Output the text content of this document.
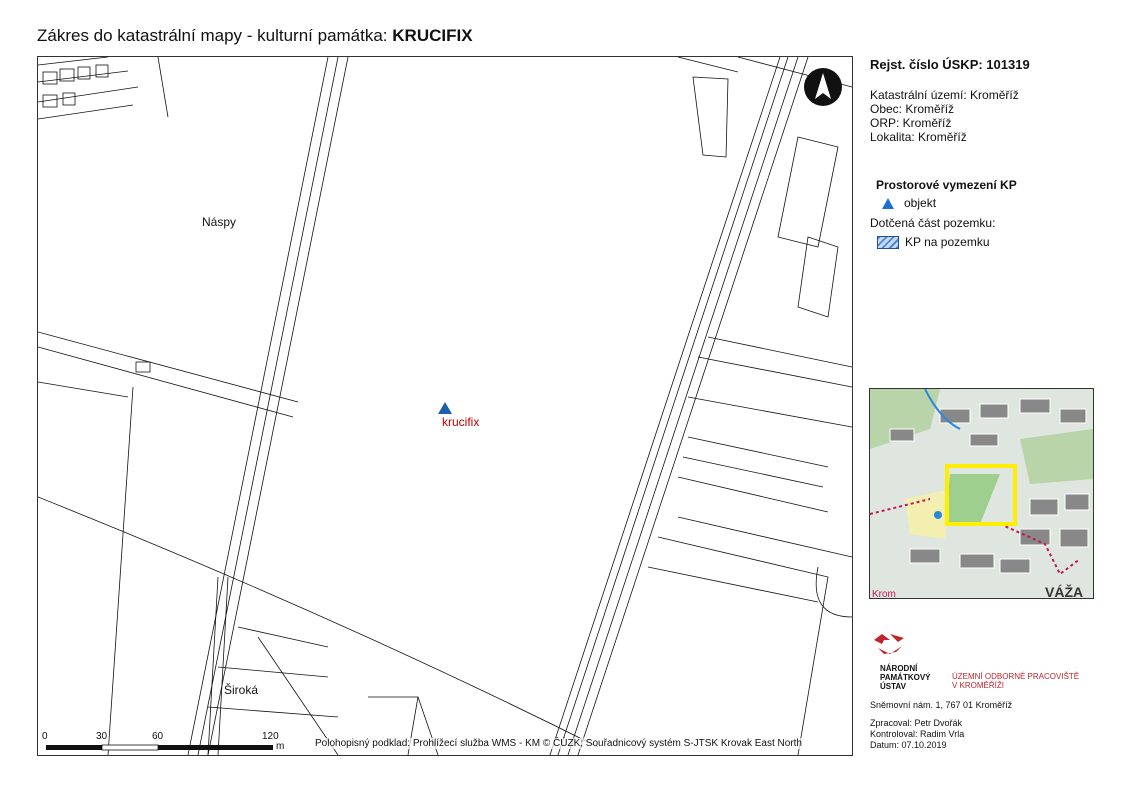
Zákres do katastrální mapy - kulturní památka: KRUCIFIX
Náspy
Široká
krucifix
0	30	60	120
m	Polohopisný podklad: Prohlížecí služba WMS - KM © ČÚZK; Souřadnicový systém S-JTSK Krovak East North
Rejst. číslo ÚSKP: 101319
Katastrální území: Kroměříž
Obec: Kroměříž
ORP: Kroměříž
Lokalita: Kroměříž
Prostorové vymezení KP
objekt
Dotčená část pozemku:
KP na pozemku
VÁŽA
Krom
NÁRODNÍ
PAMÁTKOVÝ
ÚSTAV
ÚZEMNÍ ODBORNÉ PRACOVIŠTĚ
V KROMĚŘÍŽI
Sněmovní nám. 1, 767 01 Kroměříž
Zpracoval: Petr Dvořák
Kontroloval: Radim Vrla
Datum: 07.10.2019
